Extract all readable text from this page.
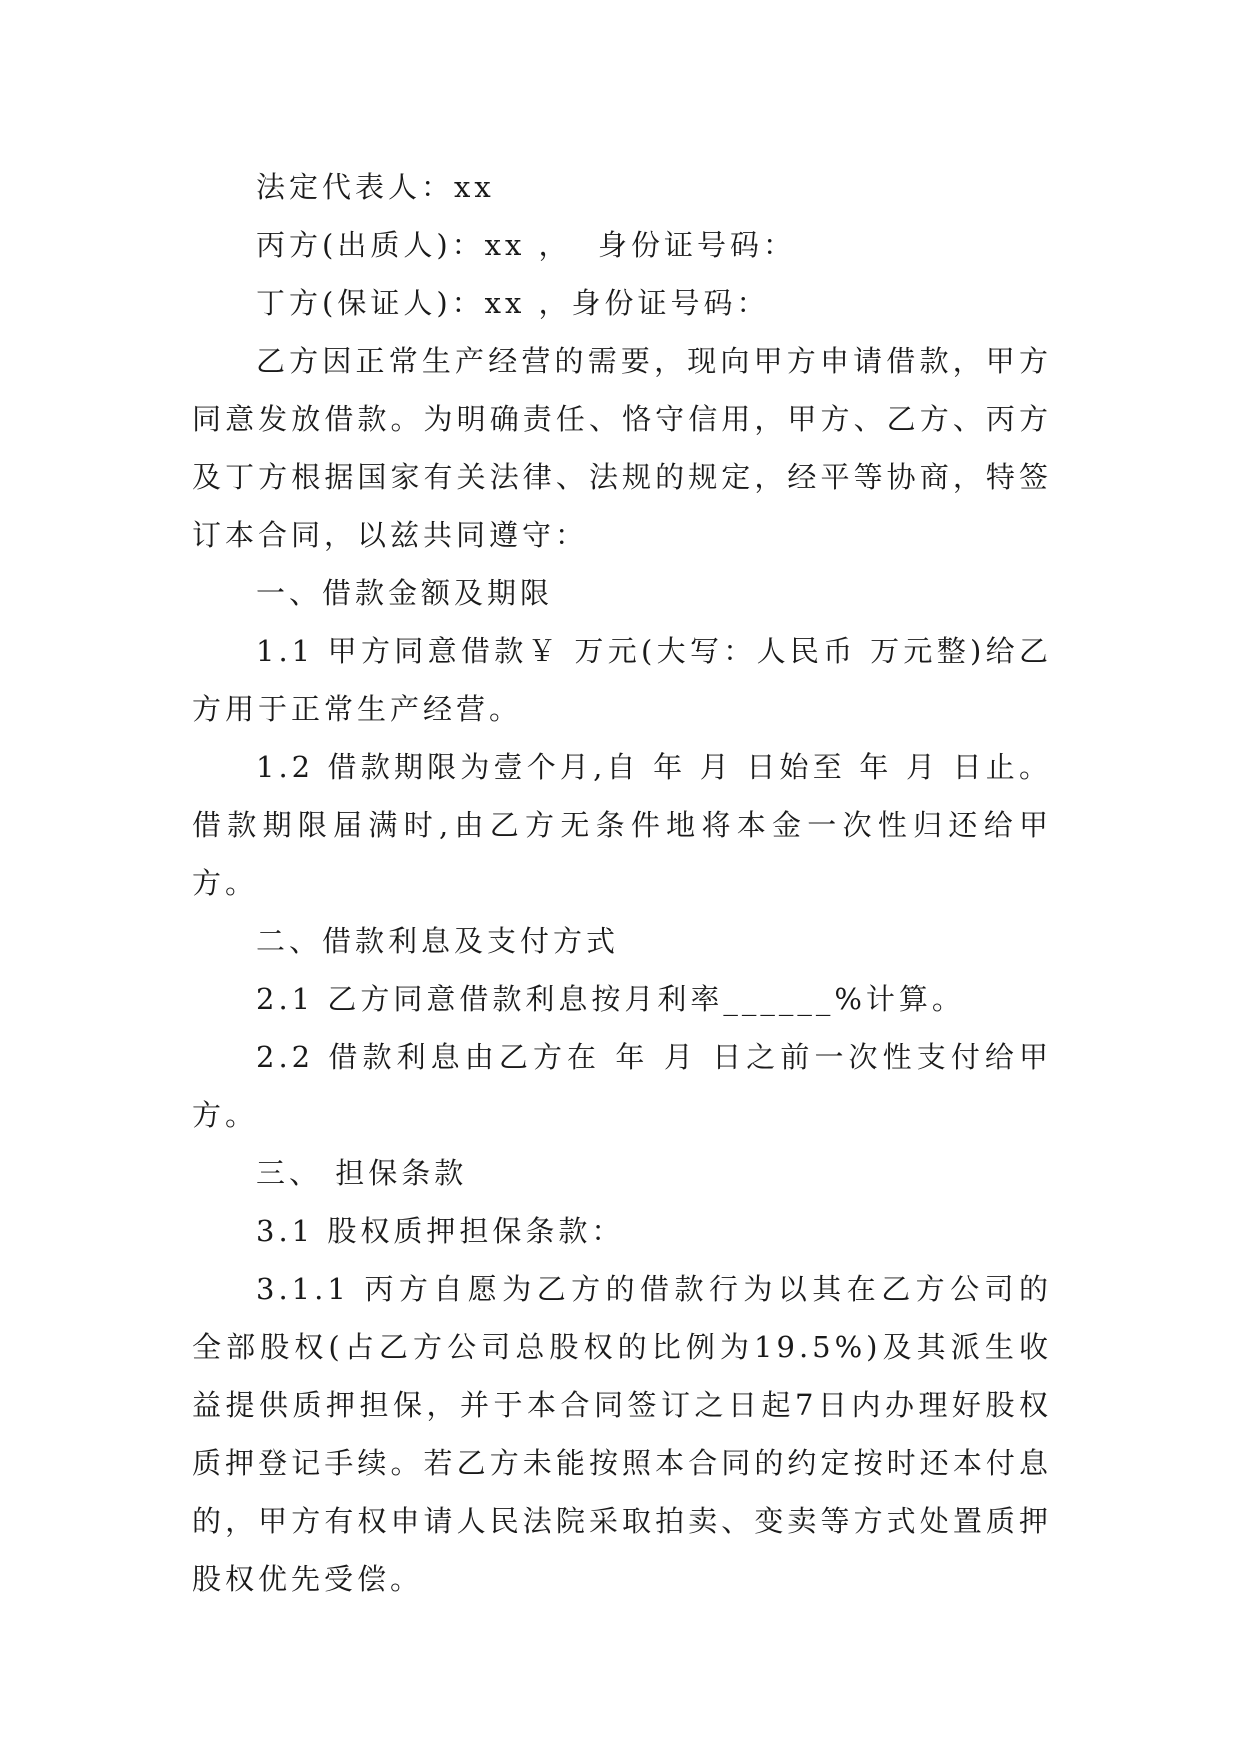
法定代表人：xx

丙方(出质人)：xx ，  身份证号码：

丁方(保证人)：xx ，身份证号码：

乙方因正常生产经营的需要，现向甲方申请借款，甲方同意发放借款。为明确责任、恪守信用，甲方、乙方、丙方及丁方根据国家有关法律、法规的规定，经平等协商，特签订本合同，以兹共同遵守：

一、借款金额及期限

1.1 甲方同意借款￥ 万元(大写：人民币 万元整)给乙方用于正常生产经营。

1.2 借款期限为壹个月,自 年 月 日始至 年 月 日止。借款期限届满时,由乙方无条件地将本金一次性归还给甲方。

二、借款利息及支付方式

2.1 乙方同意借款利息按月利率______%计算。

2.2 借款利息由乙方在 年 月 日之前一次性支付给甲方。

三、 担保条款

3.1 股权质押担保条款：

3.1.1 丙方自愿为乙方的借款行为以其在乙方公司的全部股权(占乙方公司总股权的比例为19.5%)及其派生收益提供质押担保，并于本合同签订之日起7日内办理好股权质押登记手续。若乙方未能按照本合同的约定按时还本付息的，甲方有权申请人民法院采取拍卖、变卖等方式处置质押股权优先受偿。
